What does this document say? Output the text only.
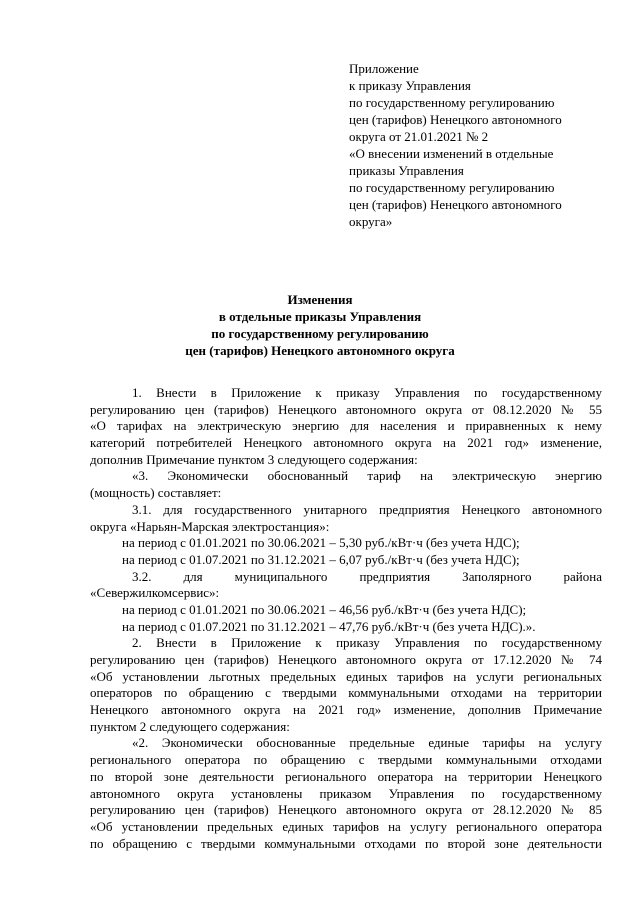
Приложение
к приказу Управления
по государственному регулированию
цен (тарифов) Ненецкого автономного
округа от 21.01.2021 № 2
«О внесении изменений в отдельные
приказы Управления
по государственному регулированию
цен (тарифов) Ненецкого автономного
округа»
Изменения
в отдельные приказы Управления
по государственному регулированию
цен (тарифов) Ненецкого автономного округа
1. Внести в Приложение к приказу Управления по государственному
регулированию цен (тарифов) Ненецкого автономного округа от 08.12.2020 № 55
«О тарифах на электрическую энергию для населения и приравненных к нему
категорий потребителей Ненецкого автономного округа на 2021 год» изменение,
дополнив Примечание пунктом 3 следующего содержания:
«3. Экономически обоснованный тариф на электрическую энергию
(мощность) составляет:
3.1. для государственного унитарного предприятия Ненецкого автономного
округа «Нарьян-Марская электростанция»:
на период с 01.01.2021 по 30.06.2021 – 5,30 руб./кВт·ч (без учета НДС);
на период с 01.07.2021 по 31.12.2021 – 6,07 руб./кВт·ч (без учета НДС);
3.2. для муниципального предприятия Заполярного района
«Севержилкомсервис»:
на период с 01.01.2021 по 30.06.2021 – 46,56 руб./кВт·ч (без учета НДС);
на период с 01.07.2021 по 31.12.2021 – 47,76 руб./кВт·ч (без учета НДС).».
2. Внести в Приложение к приказу Управления по государственному
регулированию цен (тарифов) Ненецкого автономного округа от 17.12.2020 № 74
«Об установлении льготных предельных единых тарифов на услуги региональных
операторов по обращению с твердыми коммунальными отходами на территории
Ненецкого автономного округа на 2021 год» изменение, дополнив Примечание
пунктом 2 следующего содержания:
«2. Экономически обоснованные предельные единые тарифы на услугу
регионального оператора по обращению с твердыми коммунальными отходами
по второй зоне деятельности регионального оператора на территории Ненецкого
автономного округа установлены приказом Управления по государственному
регулированию цен (тарифов) Ненецкого автономного округа от 28.12.2020 № 85
«Об установлении предельных единых тарифов на услугу регионального оператора
по обращению с твердыми коммунальными отходами по второй зоне деятельности
